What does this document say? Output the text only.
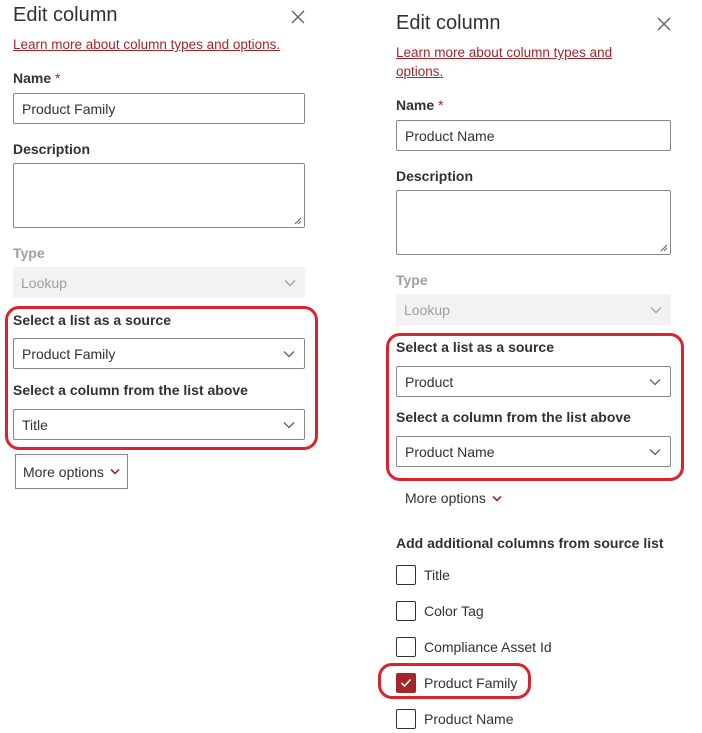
Edit column
Learn more about column types and options.
Name *
Product Family
Description
Type
Lookup
Select a list as a source
Product Family
Select a column from the list above
Title
More options
Edit column
Learn more about column types and options.
Name *
Product Name
Description
Type
Lookup
Select a list as a source
Product
Select a column from the list above
Product Name
More options
Add additional columns from source list
Title
Color Tag
Compliance Asset Id
Product Family
Product Name
